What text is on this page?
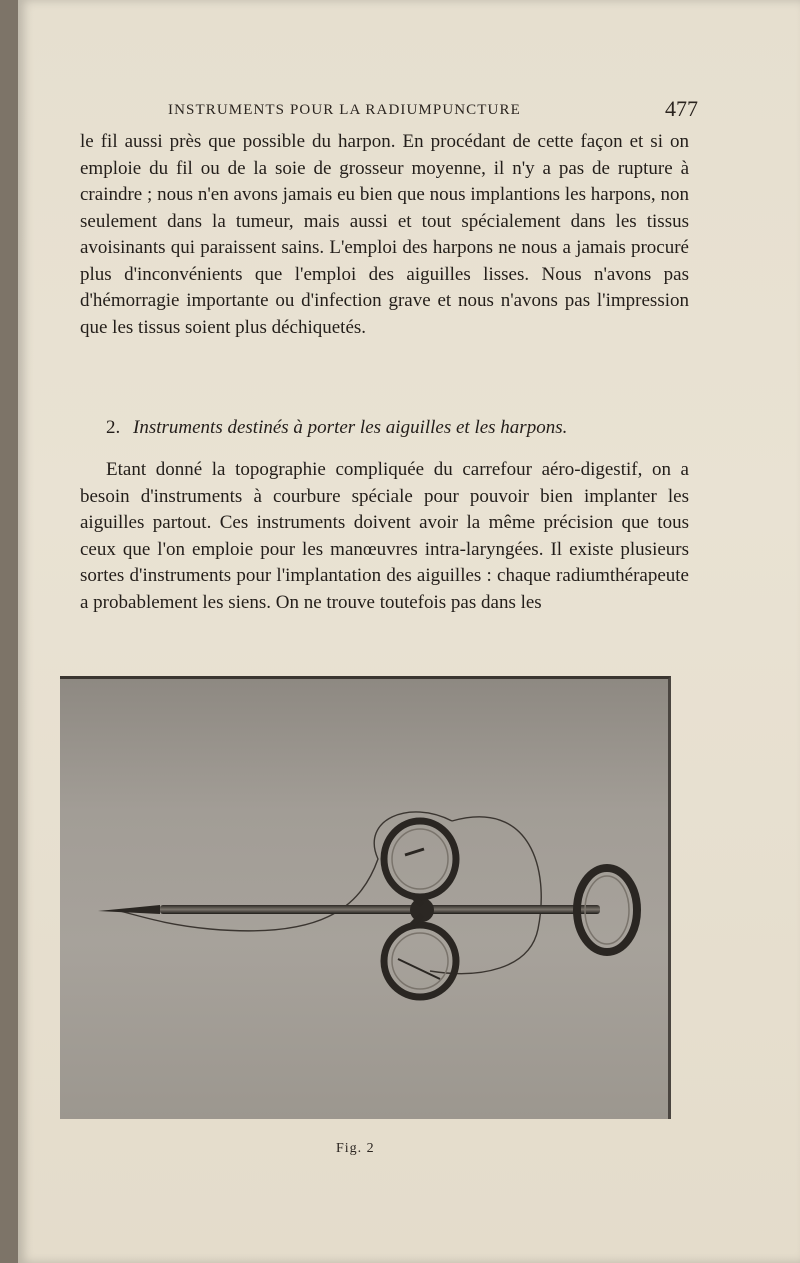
INSTRUMENTS POUR LA RADIUMPUNCTURE	477

le fil aussi près que possible du harpon. En procédant de cette façon et si on emploie du fil ou de la soie de grosseur moyenne, il n'y a pas de rupture à craindre ; nous n'en avons jamais eu bien que nous implantions les harpons, non seulement dans la tumeur, mais aussi et tout spécialement dans les tissus avoisinants qui paraissent sains. L'emploi des harpons ne nous a jamais procuré plus d'inconvénients que l'emploi des aiguilles lisses. Nous n'avons pas d'hémorragie importante ou d'infection grave et nous n'avons pas l'impression que les tissus soient plus déchiquetés.

2. Instruments destinés à porter les aiguilles et les harpons.

Etant donné la topographie compliquée du carrefour aéro-digestif, on a besoin d'instruments à courbure spéciale pour pouvoir bien implanter les aiguilles partout. Ces instruments doivent avoir la même précision que tous ceux que l'on emploie pour les manœuvres intra-laryngées. Il existe plusieurs sortes d'instruments pour l'implantation des aiguilles : chaque radiumthérapeute a probablement les siens. On ne trouve toutefois pas dans les

Fig. 2
